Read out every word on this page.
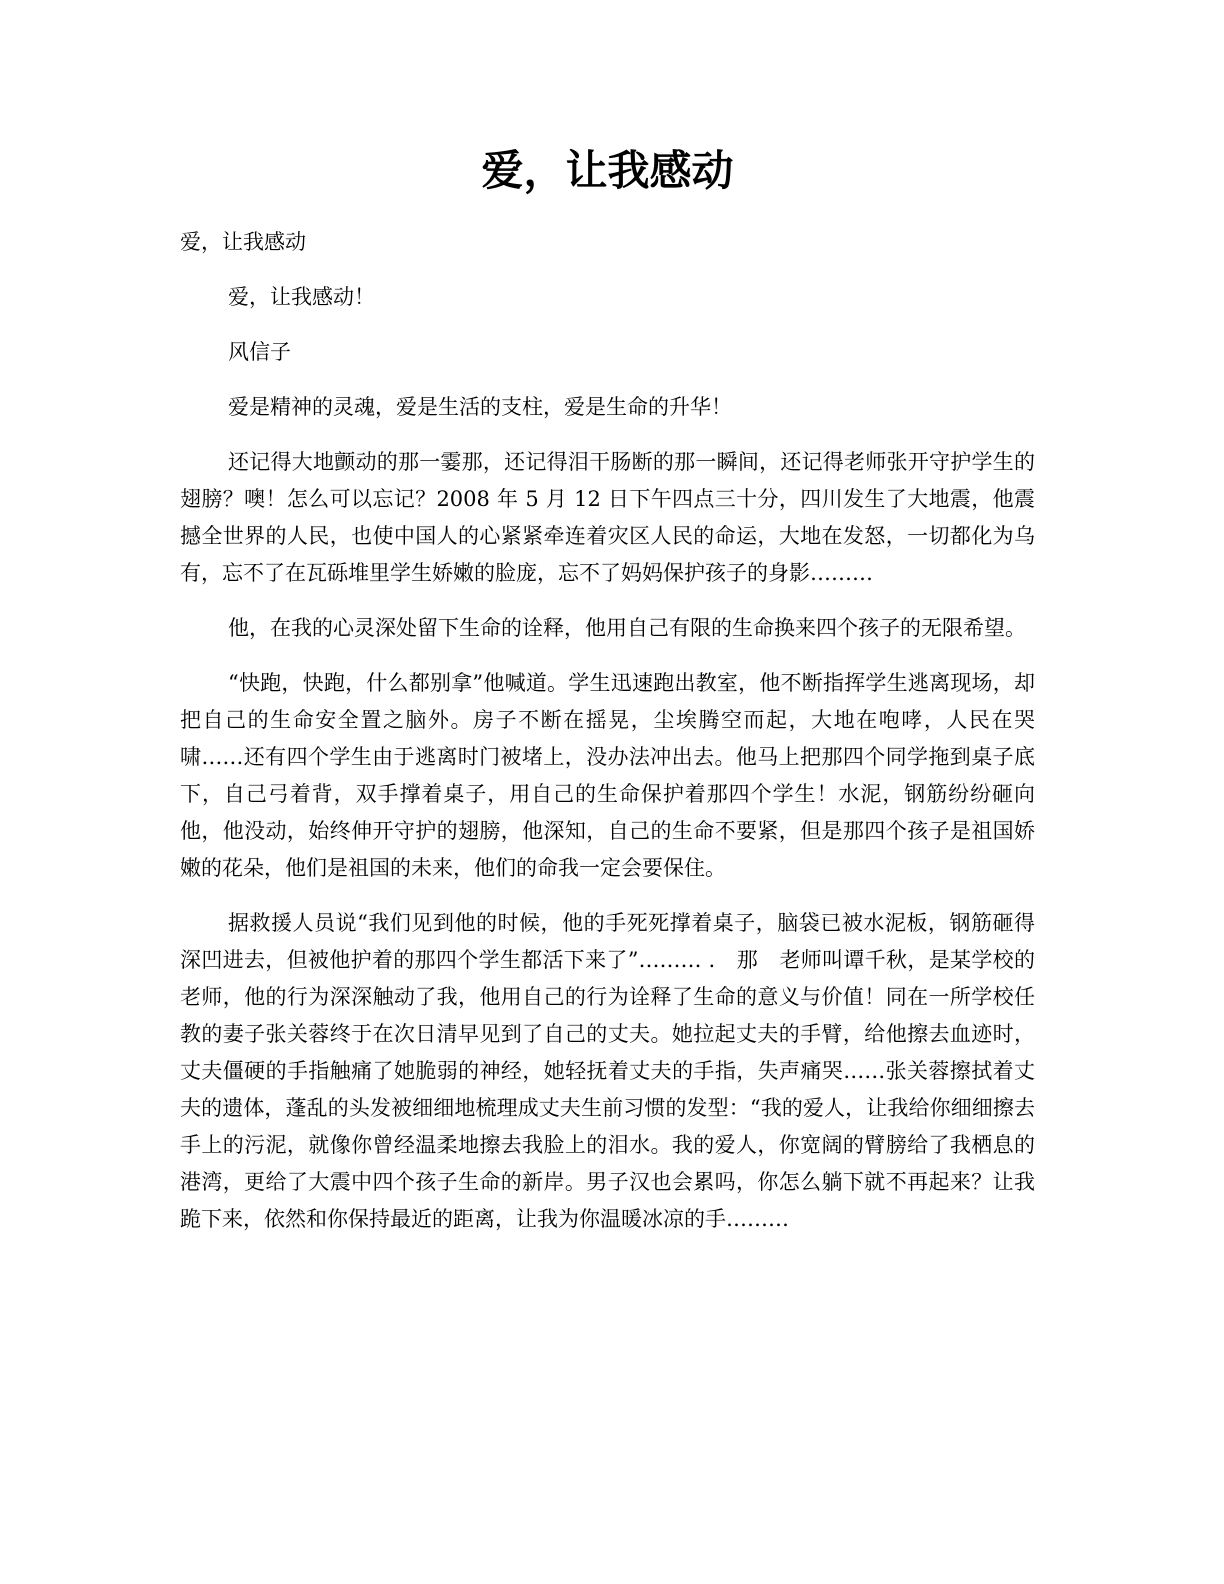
爱，让我感动

爱，让我感动

爱，让我感动！

风信子

爱是精神的灵魂，爱是生活的支柱，爱是生命的升华！

还记得大地颤动的那一霎那，还记得泪干肠断的那一瞬间，还记得老师张开守护学生的翅膀？噢！怎么可以忘记？2008 年 5 月 12 日下午四点三十分，四川发生了大地震，他震撼全世界的人民，也使中国人的心紧紧牵连着灾区人民的命运，大地在发怒，一切都化为乌有，忘不了在瓦砾堆里学生娇嫩的脸庞，忘不了妈妈保护孩子的身影………

他，在我的心灵深处留下生命的诠释，他用自己有限的生命换来四个孩子的无限希望。

“快跑，快跑，什么都别拿”他喊道。学生迅速跑出教室，他不断指挥学生逃离现场，却把自己的生命安全置之脑外。房子不断在摇晃，尘埃腾空而起，大地在咆哮，人民在哭啸……还有四个学生由于逃离时门被堵上，没办法冲出去。他马上把那四个同学拖到桌子底下，自己弓着背，双手撑着桌子，用自己的生命保护着那四个学生！水泥，钢筋纷纷砸向他，他没动，始终伸开守护的翅膀，他深知，自己的生命不要紧，但是那四个孩子是祖国娇嫩的花朵，他们是祖国的未来，他们的命我一定会要保住。

据救援人员说“我们见到他的时候，他的手死死撑着桌子，脑袋已被水泥板，钢筋砸得深凹进去，但被他护着的那四个学生都活下来了”……… .　那　老师叫谭千秋，是某学校的老师，他的行为深深触动了我，他用自己的行为诠释了生命的意义与价值！同在一所学校任教的妻子张关蓉终于在次日清早见到了自己的丈夫。她拉起丈夫的手臂，给他擦去血迹时，丈夫僵硬的手指触痛了她脆弱的神经，她轻抚着丈夫的手指，失声痛哭……张关蓉擦拭着丈夫的遗体，蓬乱的头发被细细地梳理成丈夫生前习惯的发型：“我的爱人，让我给你细细擦去手上的污泥，就像你曾经温柔地擦去我脸上的泪水。我的爱人，你宽阔的臂膀给了我栖息的港湾，更给了大震中四个孩子生命的新岸。男子汉也会累吗，你怎么躺下就不再起来？让我跪下来，依然和你保持最近的距离，让我为你温暖冰凉的手………
